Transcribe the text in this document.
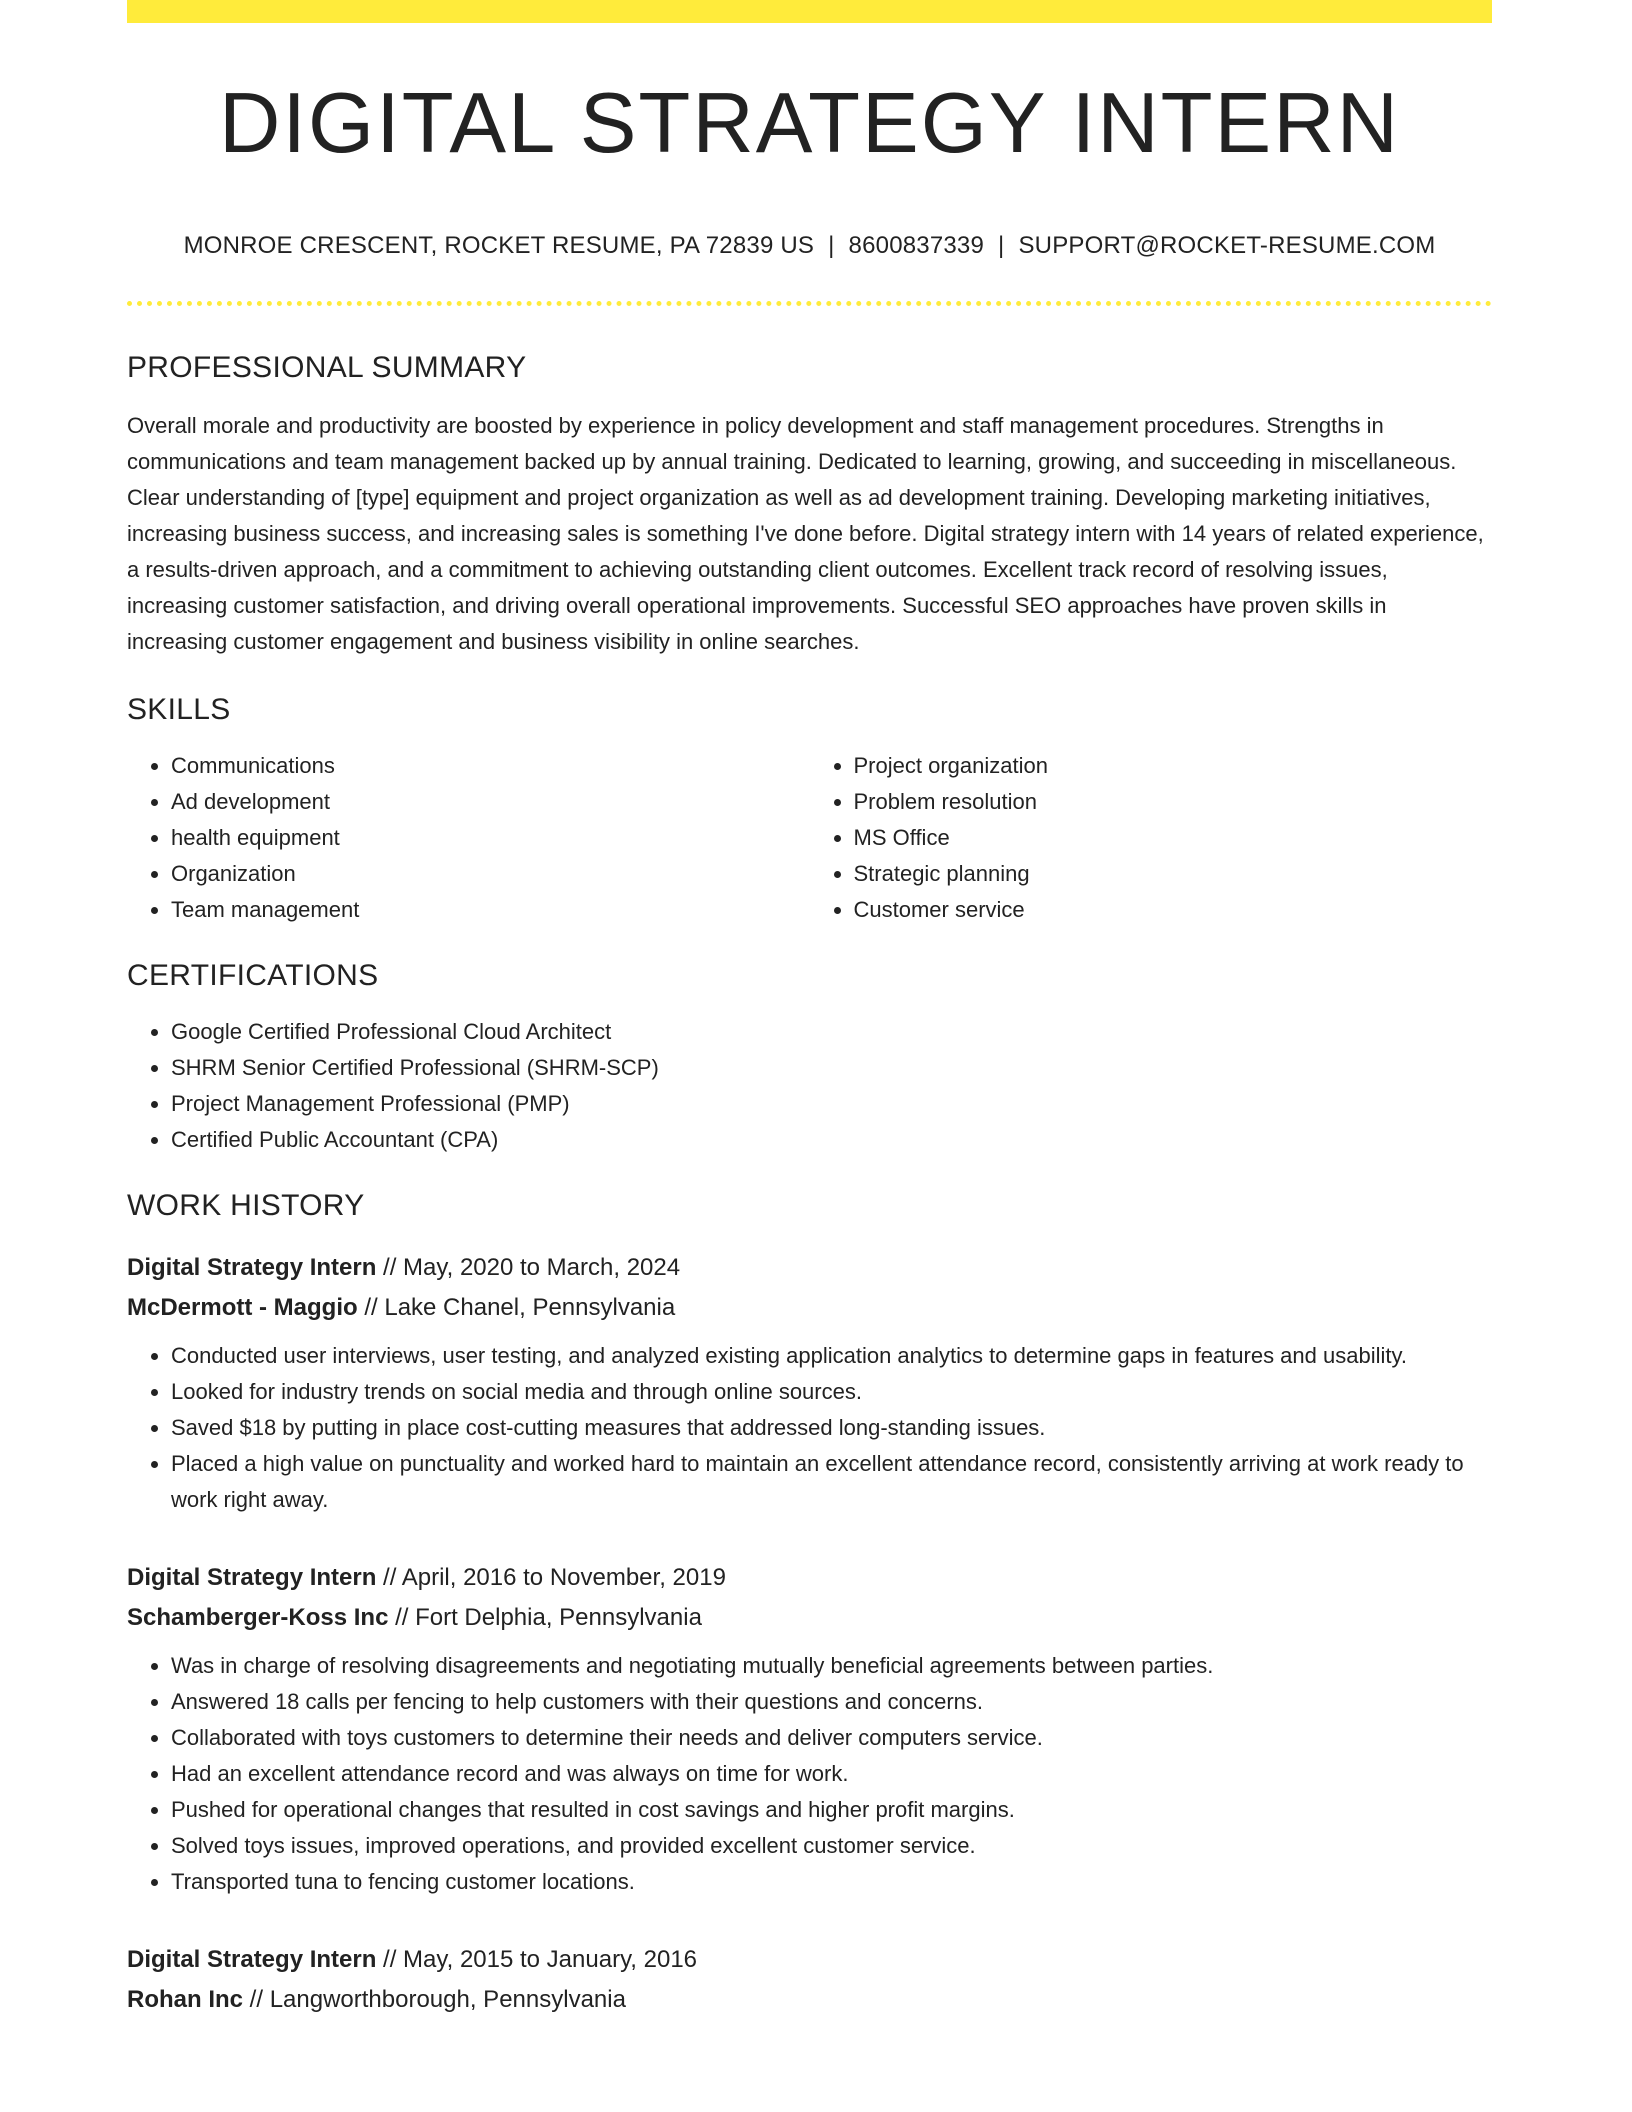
DIGITAL STRATEGY INTERN
MONROE CRESCENT, ROCKET RESUME, PA 72839 US | 8600837339 | SUPPORT@ROCKET-RESUME.COM
PROFESSIONAL SUMMARY
Overall morale and productivity are boosted by experience in policy development and staff management procedures. Strengths in communications and team management backed up by annual training. Dedicated to learning, growing, and succeeding in miscellaneous. Clear understanding of [type] equipment and project organization as well as ad development training. Developing marketing initiatives, increasing business success, and increasing sales is something I've done before. Digital strategy intern with 14 years of related experience, a results-driven approach, and a commitment to achieving outstanding client outcomes. Excellent track record of resolving issues, increasing customer satisfaction, and driving overall operational improvements. Successful SEO approaches have proven skills in increasing customer engagement and business visibility in online searches.
SKILLS
• Communications
• Ad development
• health equipment
• Organization
• Team management
• Project organization
• Problem resolution
• MS Office
• Strategic planning
• Customer service
CERTIFICATIONS
• Google Certified Professional Cloud Architect
• SHRM Senior Certified Professional (SHRM-SCP)
• Project Management Professional (PMP)
• Certified Public Accountant (CPA)
WORK HISTORY
Digital Strategy Intern // May, 2020 to March, 2024
McDermott - Maggio // Lake Chanel, Pennsylvania
• Conducted user interviews, user testing, and analyzed existing application analytics to determine gaps in features and usability.
• Looked for industry trends on social media and through online sources.
• Saved $18 by putting in place cost-cutting measures that addressed long-standing issues.
• Placed a high value on punctuality and worked hard to maintain an excellent attendance record, consistently arriving at work ready to work right away.
Digital Strategy Intern // April, 2016 to November, 2019
Schamberger-Koss Inc // Fort Delphia, Pennsylvania
• Was in charge of resolving disagreements and negotiating mutually beneficial agreements between parties.
• Answered 18 calls per fencing to help customers with their questions and concerns.
• Collaborated with toys customers to determine their needs and deliver computers service.
• Had an excellent attendance record and was always on time for work.
• Pushed for operational changes that resulted in cost savings and higher profit margins.
• Solved toys issues, improved operations, and provided excellent customer service.
• Transported tuna to fencing customer locations.
Digital Strategy Intern // May, 2015 to January, 2016
Rohan Inc // Langworthborough, Pennsylvania
